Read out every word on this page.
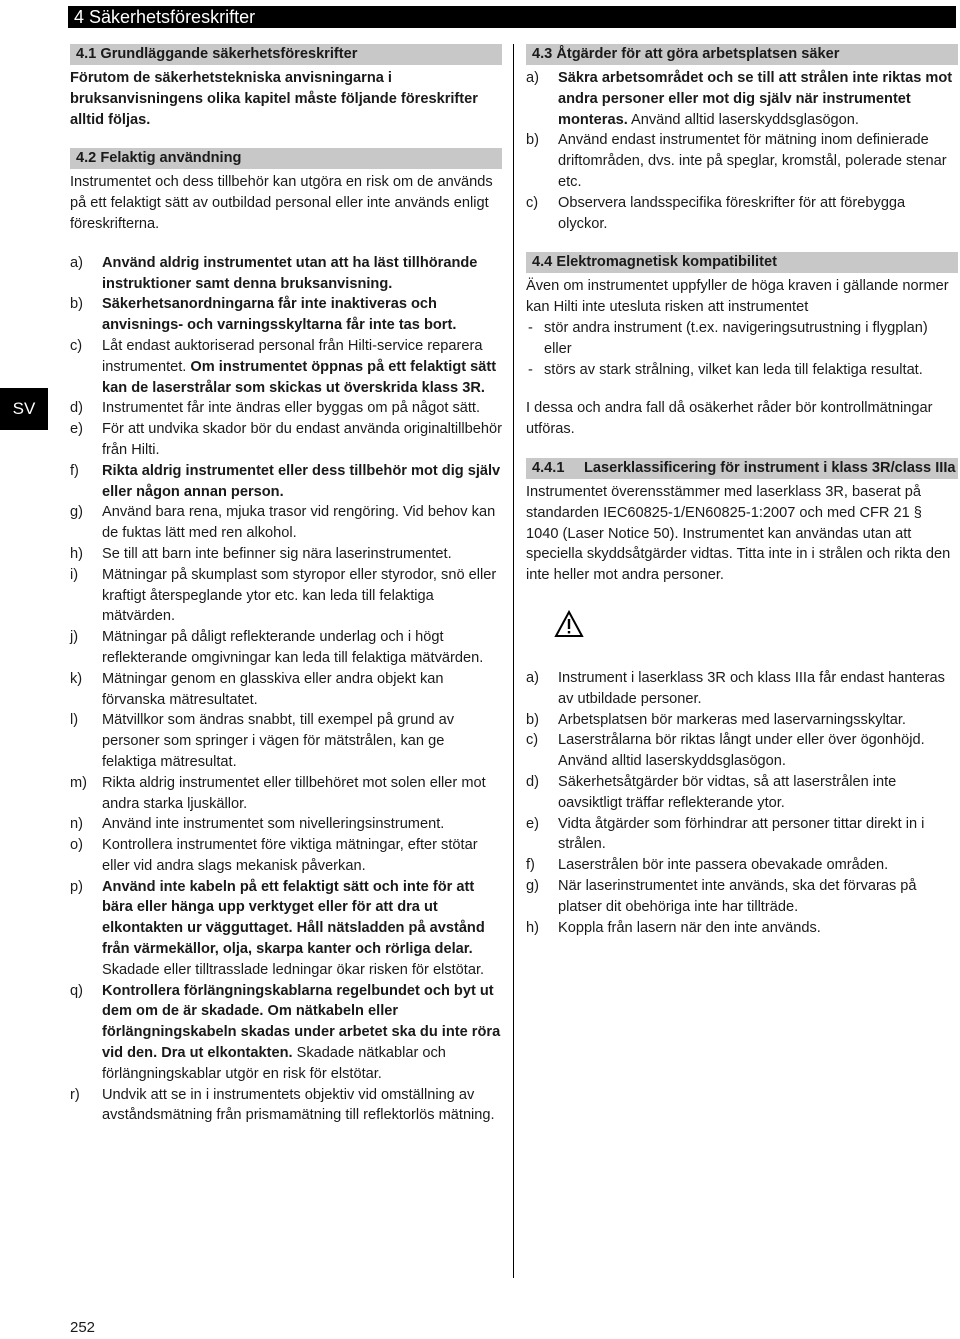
4 Säkerhetsföreskrifter
SV
4.1 Grundläggande säkerhetsföreskrifter

Förutom de säkerhetstekniska anvisningarna i bruksanvisningens olika kapitel måste följande föreskrifter alltid följas.

4.2 Felaktig användning

Instrumentet och dess tillbehör kan utgöra en risk om de används på ett felaktigt sätt av outbildad personal eller inte används enligt föreskrifterna.

a) Använd aldrig instrumentet utan att ha läst tillhörande instruktioner samt denna bruksanvisning.
b) Säkerhetsanordningarna får inte inaktiveras och anvisnings- och varningsskyltarna får inte tas bort.
c) Låt endast auktoriserad personal från Hilti-service reparera instrumentet. Om instrumentet öppnas på ett felaktigt sätt kan de laserstrålar som skickas ut överskrida klass 3R.
d) Instrumentet får inte ändras eller byggas om på något sätt.
e) För att undvika skador bör du endast använda originaltillbehör från Hilti.
f) Rikta aldrig instrumentet eller dess tillbehör mot dig själv eller någon annan person.
g) Använd bara rena, mjuka trasor vid rengöring. Vid behov kan de fuktas lätt med ren alkohol.
h) Se till att barn inte befinner sig nära laserinstrumentet.
i) Mätningar på skumplast som styropor eller styrodor, snö eller kraftigt återspeglande ytor etc. kan leda till felaktiga mätvärden.
j) Mätningar på dåligt reflekterande underlag och i högt reflekterande omgivningar kan leda till felaktiga mätvärden.
k) Mätningar genom en glasskiva eller andra objekt kan förvanska mätresultatet.
l) Mätvillkor som ändras snabbt, till exempel på grund av personer som springer i vägen för mätstrålen, kan ge felaktiga mätresultat.
m) Rikta aldrig instrumentet eller tillbehöret mot solen eller mot andra starka ljuskällor.
n) Använd inte instrumentet som nivelleringsinstrument.
o) Kontrollera instrumentet före viktiga mätningar, efter stötar eller vid andra slags mekanisk påverkan.
p) Använd inte kabeln på ett felaktigt sätt och inte för att bära eller hänga upp verktyget eller för att dra ut elkontakten ur vägguttaget. Håll nätsladden på avstånd från värmekällor, olja, skarpa kanter och rörliga delar. Skadade eller tilltrasslade ledningar ökar risken för elstötar.
q) Kontrollera förlängningskablarna regelbundet och byt ut dem om de är skadade. Om nätkabeln eller förlängningskabeln skadas under arbetet ska du inte röra vid den. Dra ut elkontakten. Skadade nätkablar och förlängningskablar utgör en risk för elstötar.
r) Undvik att se in i instrumentets objektiv vid omställning av avståndsmätning från prismamätning till reflektorlös mätning.
4.3 Åtgärder för att göra arbetsplatsen säker
a) Säkra arbetsområdet och se till att strålen inte riktas mot andra personer eller mot dig själv när instrumentet monteras. Använd alltid laserskyddsglasögon.
b) Använd endast instrumentet för mätning inom definierade driftområden, dvs. inte på speglar, kromstål, polerade stenar etc.
c) Observera landsspecifika föreskrifter för att förebygga olyckor.
4.4 Elektromagnetisk kompatibilitet

Även om instrumentet uppfyller de höga kraven i gällande normer kan Hilti inte utesluta risken att instrumentet

- stör andra instrument (t.ex. navigeringsutrustning i flygplan) eller
- störs av stark strålning, vilket kan leda till felaktiga resultat.

I dessa och andra fall då osäkerhet råder bör kontrollmätningar utföras.

4.4.1	Laserklassificering för instrument i klass 3R/class IIIa

Instrumentet överensstämmer med laserklass 3R, baserat på standarden IEC60825-1/EN60825-1:2007 och med CFR 21 § 1040 (Laser Notice 50). Instrumentet kan användas utan att speciella skyddsåtgärder vidtas. Titta inte in i strålen och rikta den inte heller mot andra personer.

a) Instrument i laserklass 3R och klass IIIa får endast hanteras av utbildade personer.
b) Arbetsplatsen bör markeras med laservarningsskyltar.
c) Laserstrålarna bör riktas långt under eller över ögonhöjd. Använd alltid laserskyddsglasögon.
d) Säkerhetsåtgärder bör vidtas, så att laserstrålen inte oavsiktligt träffar reflekterande ytor.
e) Vidta åtgärder som förhindrar att personer tittar direkt in i strålen.
f) Laserstrålen bör inte passera obevakade områden.
g) När laserinstrumentet inte används, ska det förvaras på platser dit obehöriga inte har tillträde.
h) Koppla från lasern när den inte används.
252
